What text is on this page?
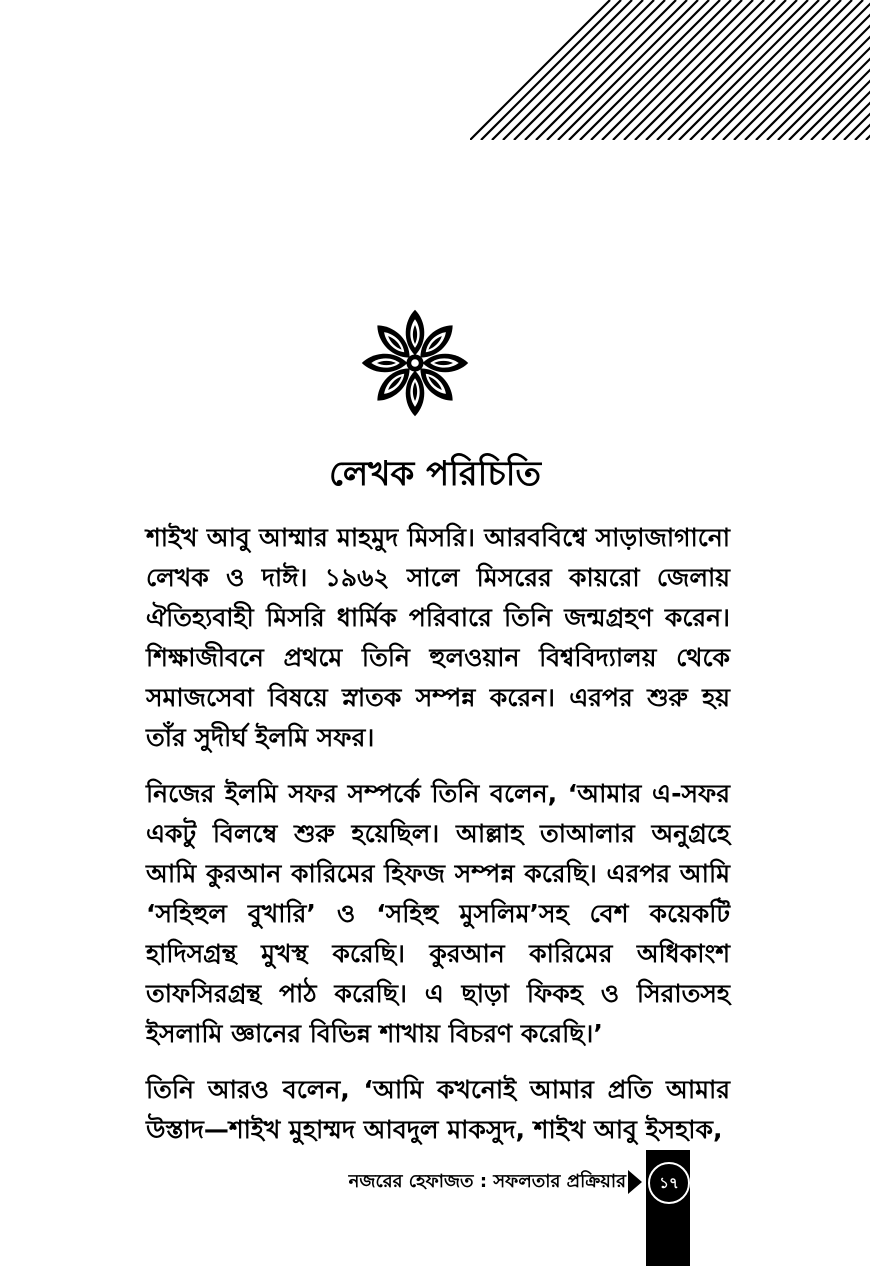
লেখক পরিচিতি

শাইখ আবু আম্মার মাহমুদ মিসরি। আরববিশ্বে সাড়াজাগানো লেখক ও দাঈ। ১৯৬২ সালে মিসরের কায়রো জেলায় ঐতিহ্যবাহী মিসরি ধার্মিক পরিবারে তিনি জন্মগ্রহণ করেন। শিক্ষাজীবনে প্রথমে তিনি হুলওয়ান বিশ্ববিদ্যালয় থেকে সমাজসেবা বিষয়ে স্নাতক সম্পন্ন করেন। এরপর শুরু হয় তাঁর সুদীর্ঘ ইলমি সফর।

নিজের ইলমি সফর সম্পর্কে তিনি বলেন, ‘আমার এ-সফর একটু বিলম্বে শুরু হয়েছিল। আল্লাহ তাআলার অনুগ্রহে আমি কুরআন কারিমের হিফজ সম্পন্ন করেছি। এরপর আমি ‘সহিহুল বুখারি’ ও ‘সহিহু মুসলিম’সহ বেশ কয়েকটি হাদিসগ্রন্থ মুখস্থ করেছি। কুরআন কারিমের অধিকাংশ তাফসিরগ্রন্থ পাঠ করেছি। এ ছাড়া ফিকহ ও সিরাতসহ ইসলামি জ্ঞানের বিভিন্ন শাখায় বিচরণ করেছি।’

তিনি আরও বলেন, ‘আমি কখনোই আমার প্রতি আমার উস্তাদ—শাইখ মুহাম্মদ আবদুল মাকসুদ, শাইখ আবু ইসহাক,

নজরের হেফাজত : সফলতার প্রক্রিয়ার	১৭
